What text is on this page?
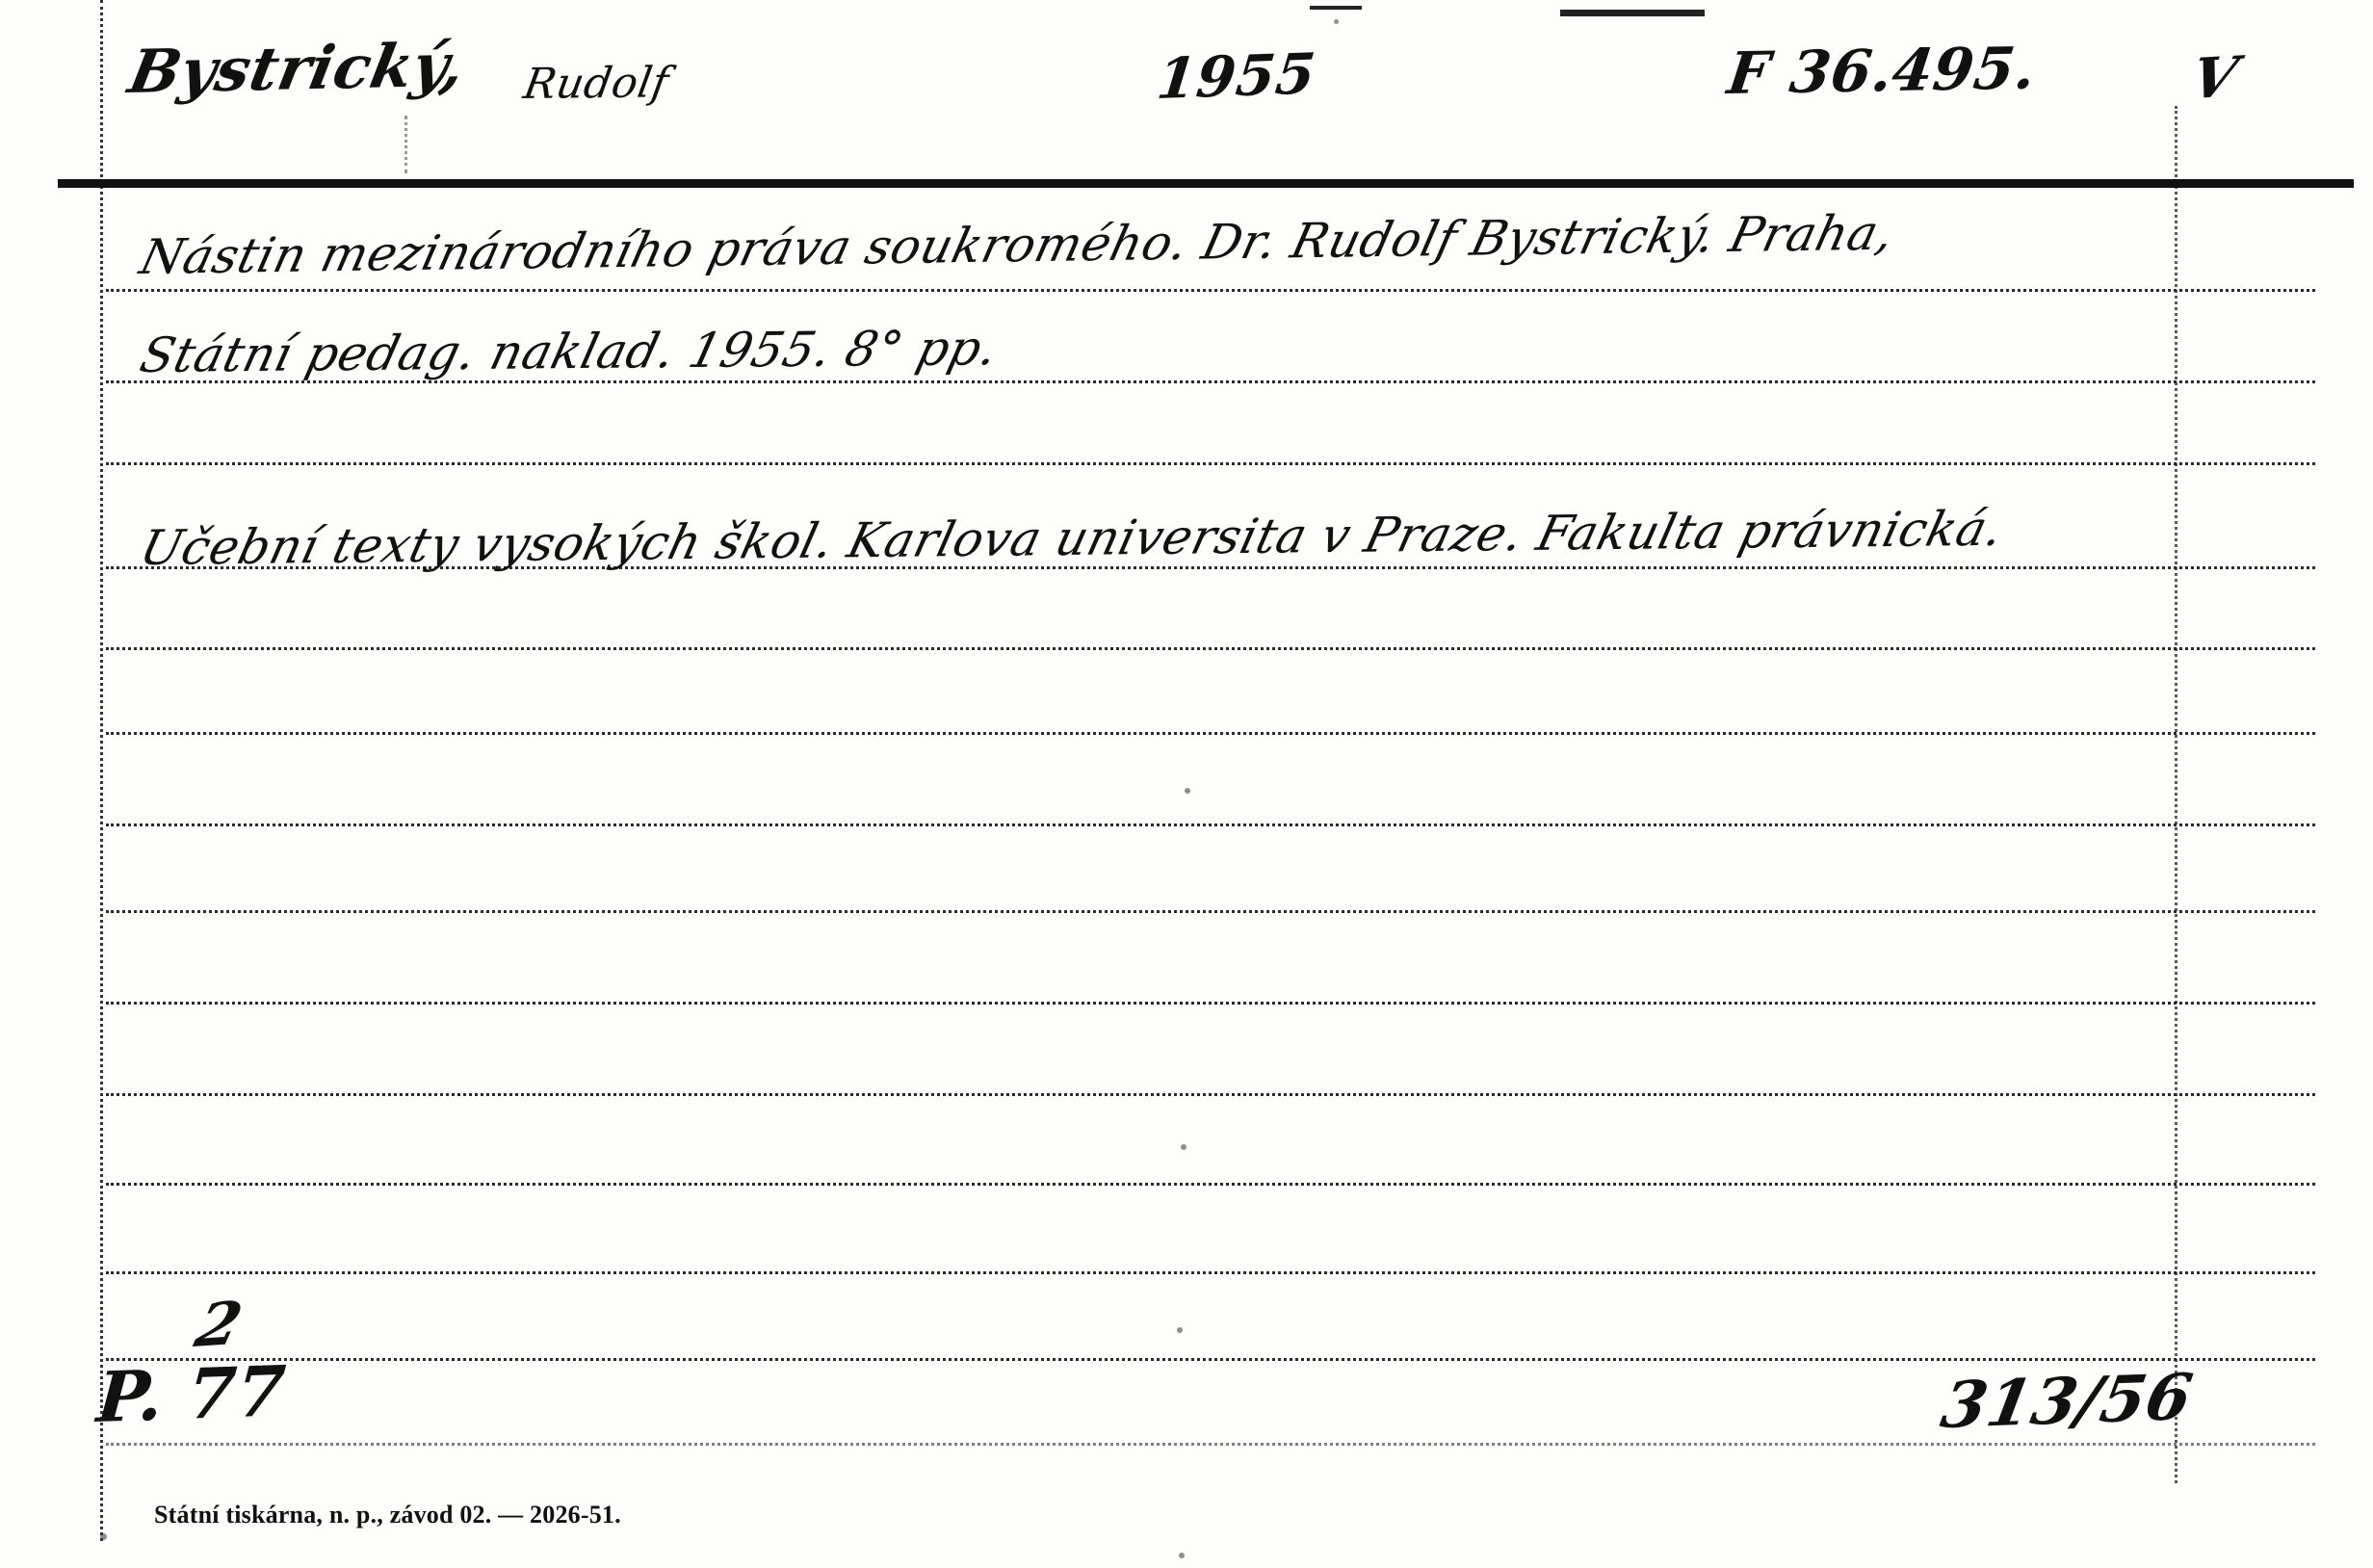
Bystrický, Rudolf	1955	F 36.495.	V
Nástin mezinárodního práva soukromého. Dr. Rudolf Bystrický. Praha,
Státní pedag. naklad. 1955. 8° pp.
Učební texty vysokých škol. Karlova universita v Praze. Fakulta právnická.
2
P. 77	313/56
Státní tiskárna, n. p., závod 02. — 2026-51.
